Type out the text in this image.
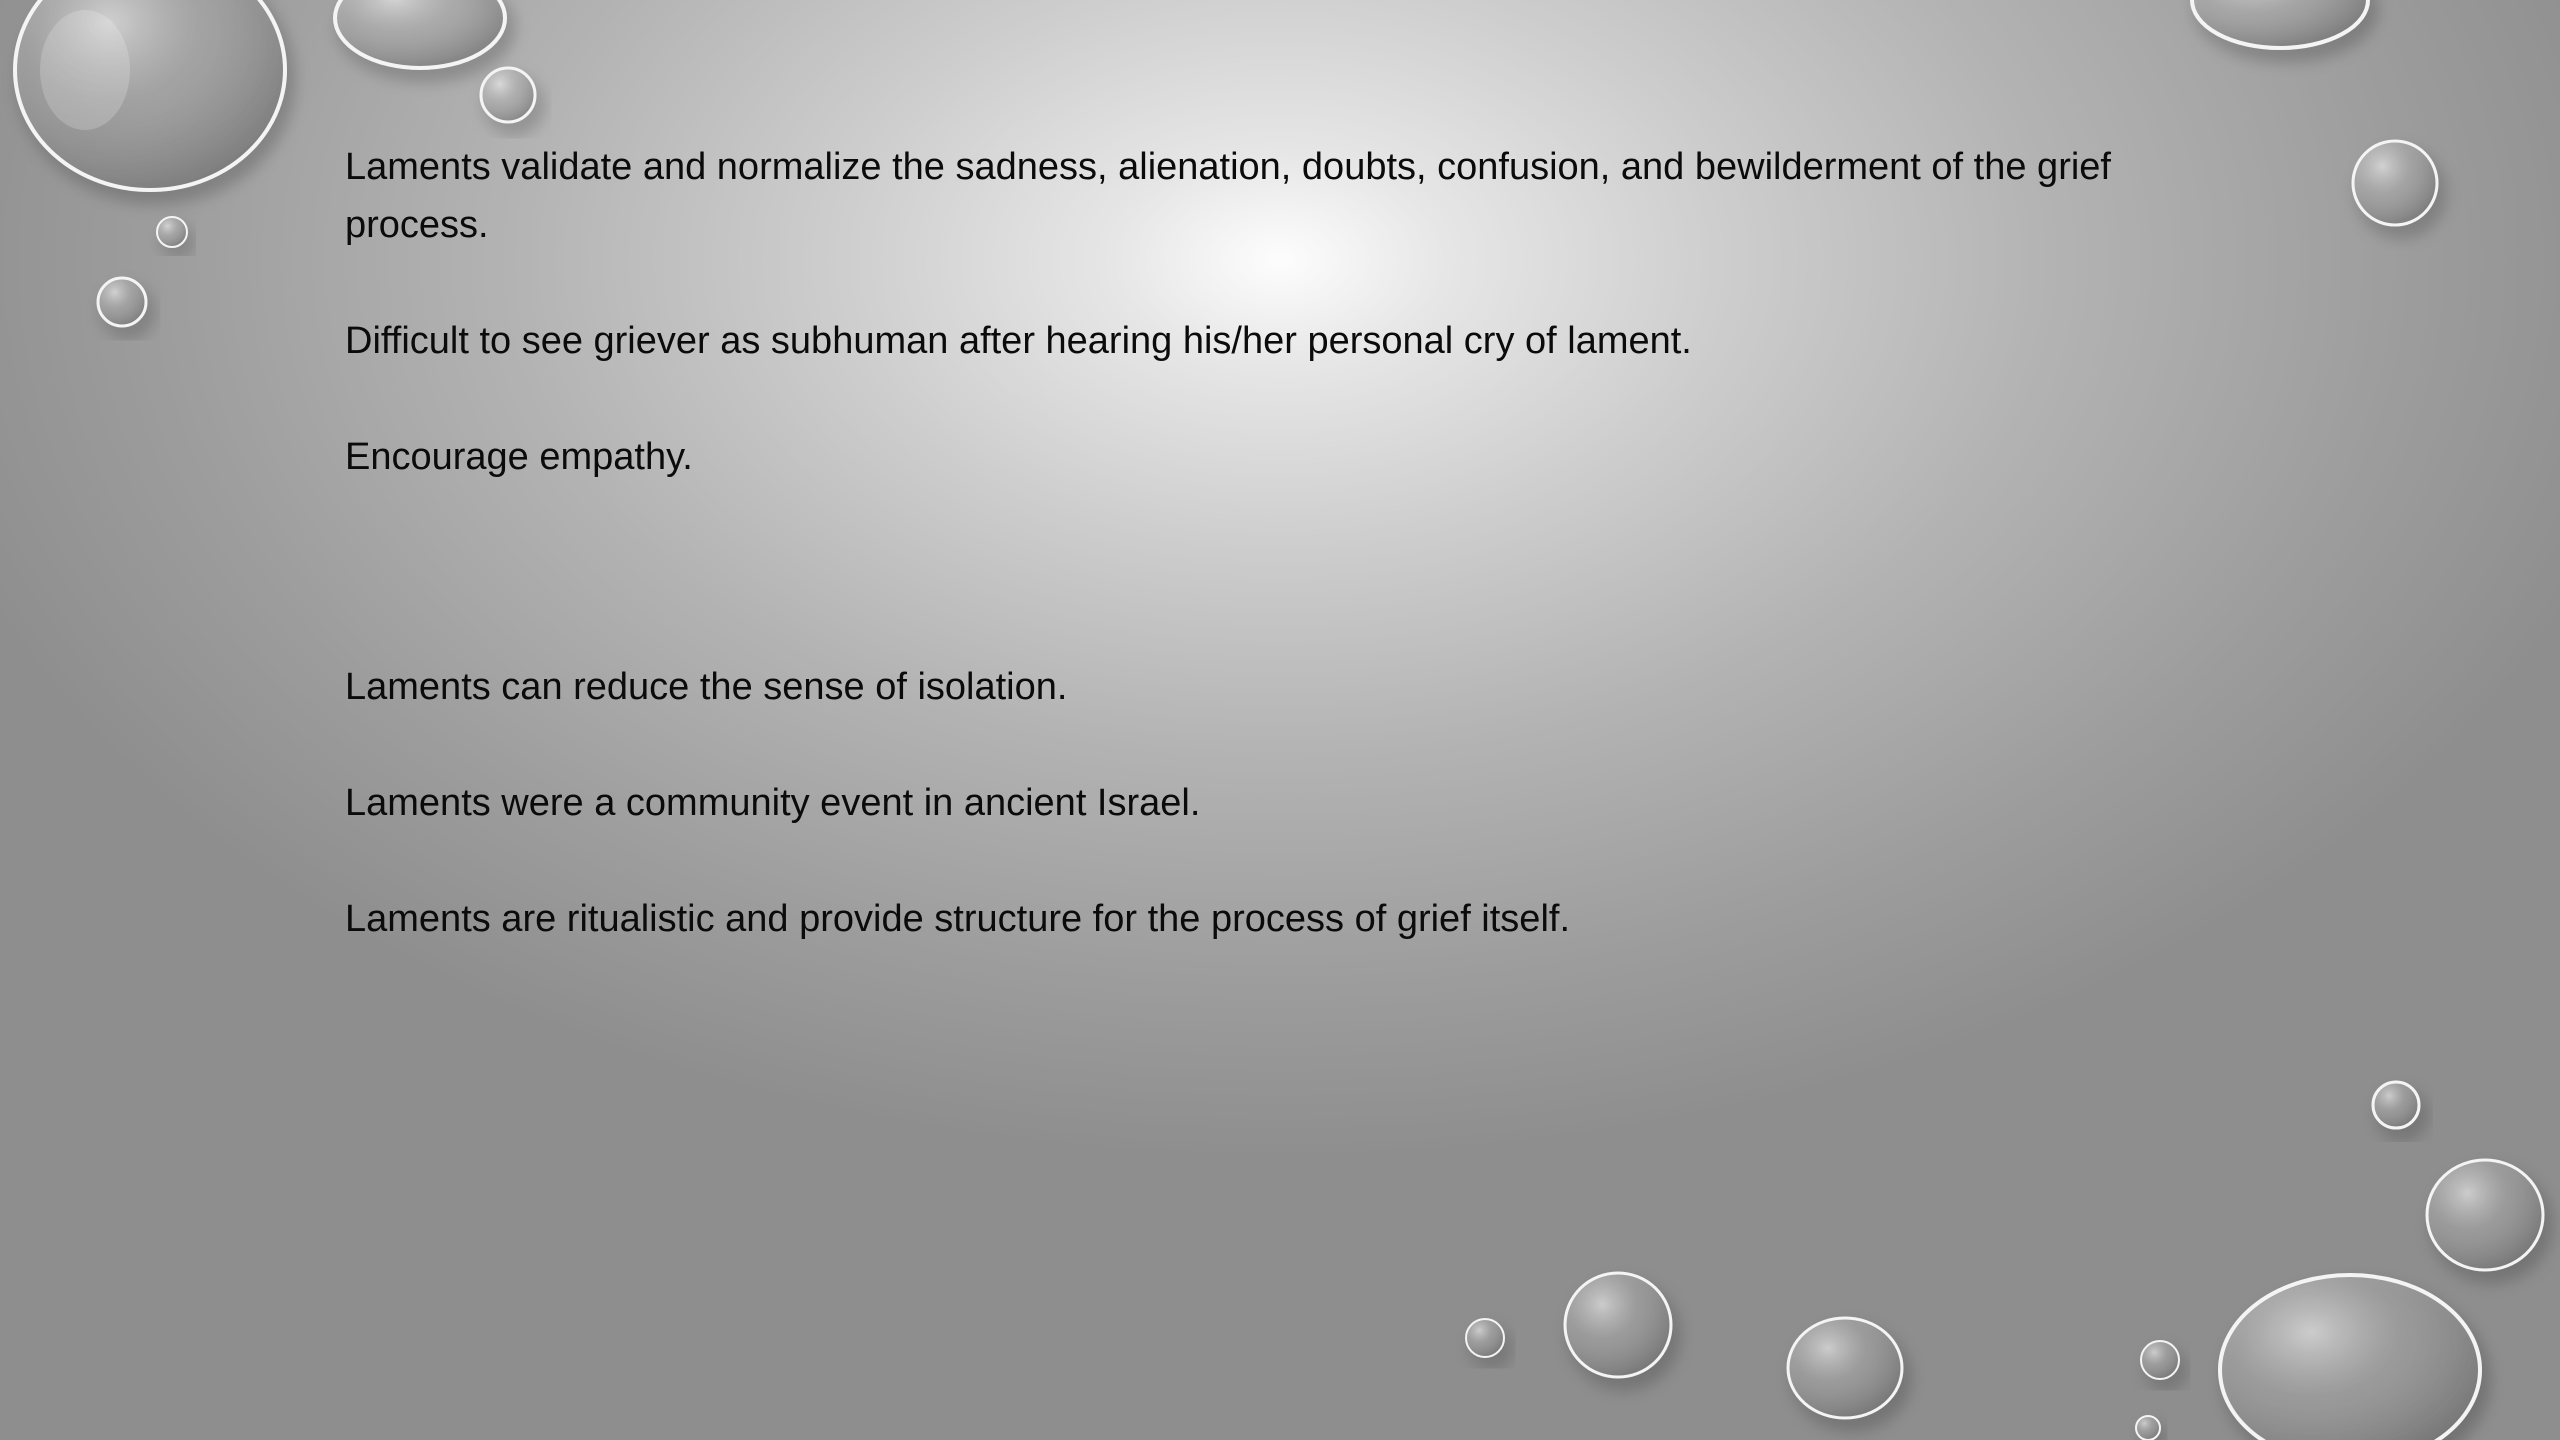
Laments validate and normalize the sadness, alienation, doubts, confusion, and bewilderment of the grief process.

Difficult to see griever as subhuman after hearing his/her personal cry of lament.

Encourage empathy.

Laments can reduce the sense of isolation.

Laments were a community event in ancient Israel.

Laments are ritualistic and provide structure for the process of grief itself.
